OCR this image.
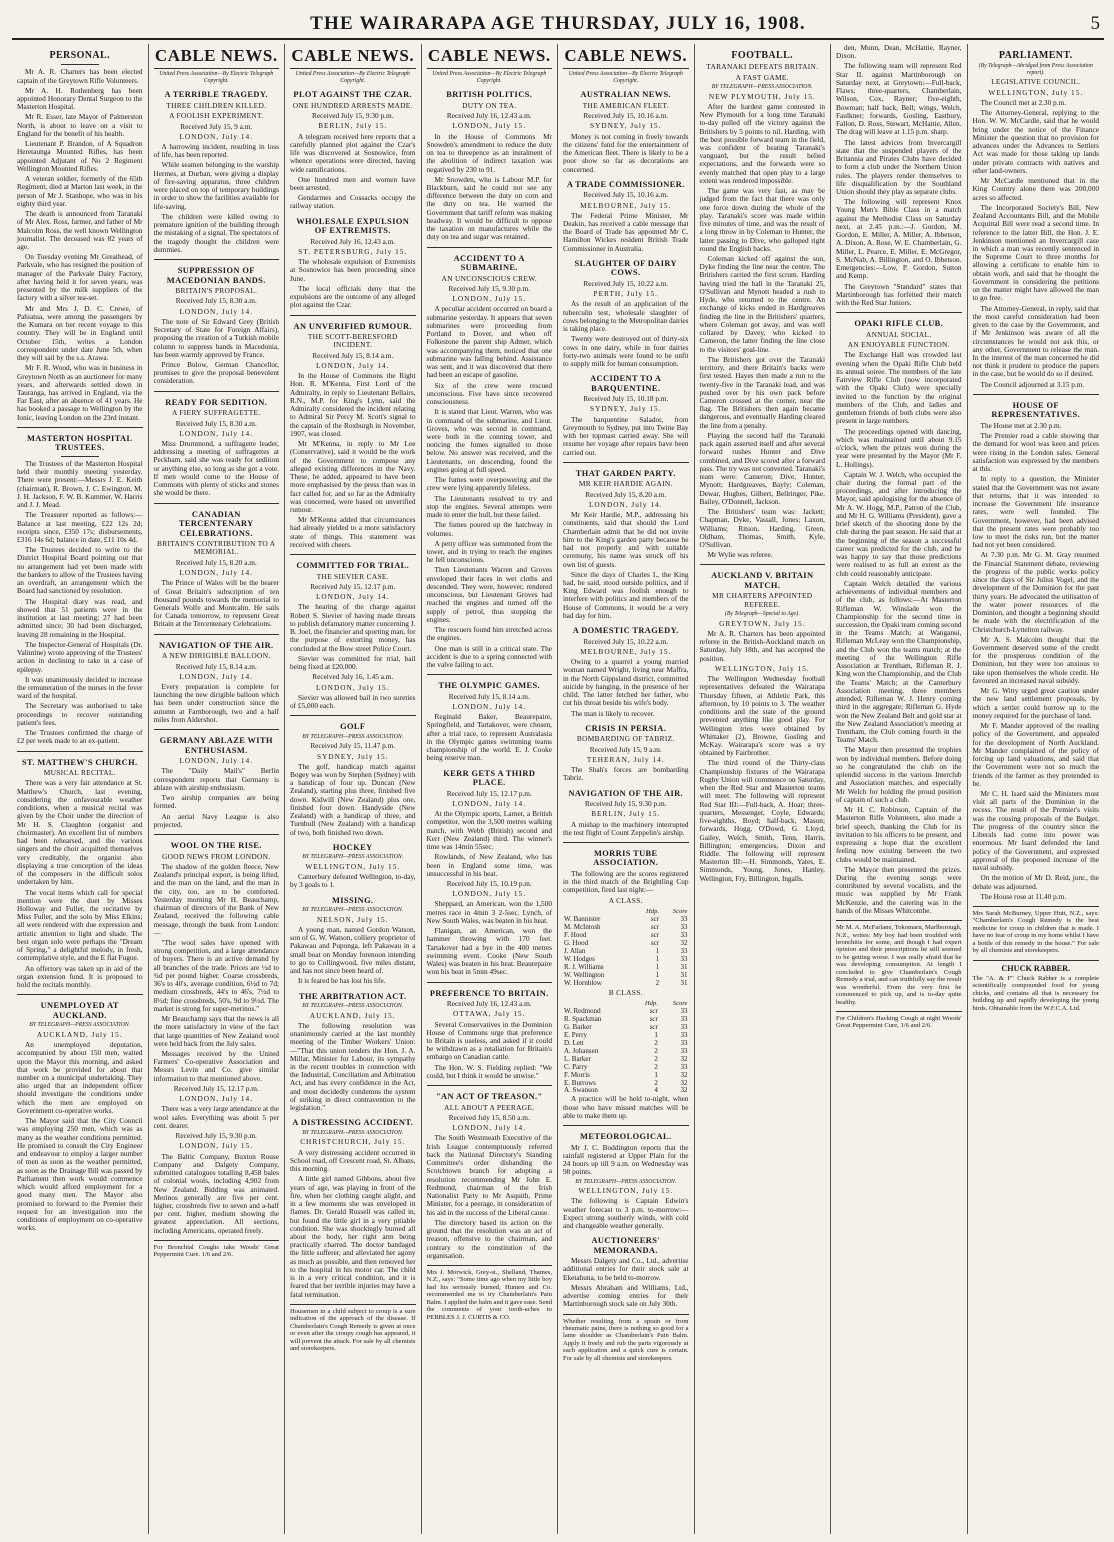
THE WAIRARAPA AGE THURSDAY, JULY 16, 1908.	5
PERSONAL.

Mr A. R. Charters has been elected captain of the Greytown Rifle Volunteers.

Mr A. H. Rothenberg has been appointed Honorary Dental Surgeon to the Masterton Hospital.

Mr R. Esser, late Mayor of Palmerston North, is about to leave on a visit to England for the benefit of his health.

Lieutenant P. Brandon, of A Squadron Heretaunga Mounted Rifles, has been appointed Adjutant of No 2 Regiment Wellington Mounted Rifles.

A veteran soldier, formerly of the 65th Regiment, died at Marton last week, in the person of Mr J. Stanhope, who was in his eighty third year.

The death is announced from Taranaki of Mr Alex. Ross, farmer, and father of Mr Malcolm Ross, the well known Wellington journalist. The deceased was 82 years of age.

On Tuesday evening Mr Greathead, of Parkvale, who has resigned the position of manager of the Parkvale Dairy Factory, after having held it for seven years, was presented by the milk suppliers of the factory with a silver tea-set.

Mr and Mrs J. D. C. Crewe, of Pahiatua, were among the passengers by the Kumara on her recent voyage to this country. They will be in England until October 15th, writes a London correspondent under date June 5th, when they will sail by the s.s. Arawa.

Mr F. R. Wood, who was in business in Greytown North as an auctioneer for many years, and afterwards settled down in Tauranga, has arrived in England, via the Far East, after an absence of 41 years. He has booked a passage to Wellington by the Ionic, leaving London on the 23rd instant.

MASTERTON HOSPITAL TRUSTEES.

The Trustees of the Masterton Hospital held their monthly meeting yesterday. There were present:—Messrs J. E. Keith (chairman), R. Brown, J. C. Ewington, M. J. H. Jackson, F. W. B. Kummer, W. Harris and J. J. Mead.

The Treasurer reported as follows:—Balance at last meeting, £22 12s 2d; receipts since, £350 17s; disbursements, £316 14s 6d; balance in date, £11 10s 4d.

The Trustees decided to write to the District Hospital Board pointing out that no arrangement had yet been made with the bankers to allow of the Trustees having an overdraft, an arrangement which the Board had sanctioned by resolution.

The Hospital diary was read, and showed that 51 patients were in the institution at last meeting; 27 had been admitted since; 30 had been discharged, leaving 28 remaining in the Hospital.

The Inspector-General of Hospitals (Dr. Valintine) wrote approving of the Trustees' action in declining to take in a case of epilepsy.

It was unanimously decided to increase the remuneration of the nurses in the fever ward of the hospital.

The Secretary was authorised to take proceedings to recover outstanding patient's fees.

The Trustees confirmed the charge of £2 per week made to an ex-patient.

ST. MATTHEW'S CHURCH.
MUSICAL RECITAL.

There was a very fair attendance at St. Matthew's Church, last evening, considering the unfavourable weather conditions, when a musical recital was given by the Choir under the direction of Mr H. S. Claughton (organist and choirmaster). An excellent list of numbers had been rehearsed, and the various singers and the choir acquitted themselves very creditably, the organist also displaying a true conception of the ideas of the composers in the difficult solos undertaken by him.

The vocal items which call for special mention were the duet by Misses Holloway and Fuller, the recitative by Miss Fuller, and the solo by Miss Elkins; all were rendered with due expression and artistic attention to light and shade. The best organ solo were perhaps the "Dream of Spring," a delightful melody, in fresh, contemplative style, and the E flat Fugue.

An offertory was taken up in aid of the organ extension fund. It is proposed to hold the recitals monthly.

UNEMPLOYED AT AUCKLAND.
BY TELEGRAPH—PRESS ASSOCIATION.
AUCKLAND, July 15.

An unemployed deputation, accompanied by about 150 men, waited upon the Mayor this morning, and asked that work be provided for about that number on a municipal undertaking. They also urged that an independent officer should investigate the conditions under which the men are employed on Government co-operative works.

The Mayor said that the City Council was employing 250 men, which was as many as the weather conditions permitted. He promised to consult the City Engineer and endeavour to employ a larger number of men as soon as the weather permitted, as soon as the Drainage Bill was passed by Parliament then work would commence which would afford employment for a good many men. The Mayor also promised to forward to the Premier their request for an investigation into the conditions of employment on co-operative works.

CABLE NEWS.
United Press Association—By Electric Telegraph Copyright.
A TERRIBLE TRAGEDY.
THREE CHILDREN KILLED.
A FOOLISH EXPERIMENT.
Received July 15, 9 a.m.
LONDON, July 14.

A harrowing incident, resulting in loss of life, has been reported.

While seamen belonging to the warship Hermes, at Durban, were giving a display of fire-saving apparatus, three children were placed on top of temporary buildings in order to show the facilities available for life-saving.

The children were killed owing to premature ignition of the building through the mistaking of a signal. The spectators of the tragedy thought the children were dummies.

SUPPRESSION OF MACEDONIAN BANDS.
BRITAIN'S PROPOSAL.
Received July 15, 8.30 a.m.
LONDON, July 14.

The note of Sir Edward Grey (British Secretary of State for Foreign Affairs), proposing the creation of a Turkish mobile column to suppress bands in Macedonia, has been warmly approved by France.

Prince Bulow, German Chancellor, promises to give the proposal benevolent consideration.

READY FOR SEDITION.
A FIERY SUFFRAGETTE.
Received July 15, 8.30 a.m.
LONDON, July 14.

Miss Drummond, a suffragette leader, addressing a meeting of suffragettes at Peckham, said she was ready for sedition or anything else, so long as she got a vote. If men would come to the House of Commons with plenty of sticks and stones she would be there.

CANADIAN TERCENTENARY CELEBRATIONS.
BRITAIN'S CONTRIBUTION TO A MEMORIAL.
Received July 15, 8.20 a.m.
LONDON, July 14.

The Prince of Wales will be the bearer of Great Britain's subscription of ten thousand pounds towards the memorial to Generals Wolfe and Montcalm. He sails for Canada tomorrow, to represent Great Britain at the Tercentenary Celebrations.

NAVIGATION OF THE AIR.
A NEW DIRIGIBLE BALLOON.
Received July 15, 8.14 a.m.
LONDON, July 14.

Every preparation is complete for launching the new dirigible balloon which has been under construction since the autumn at Farnborough, two and a half miles from Aldershot.

GERMANY ABLAZE WITH ENTHUSIASM.
LONDON, July 14.

The "Daily Mail's" Berlin correspondent reports that Germany is ablaze with airship enthusiasm.

Two airship companies are being formed.

An aerial Navy League is also projected.

WOOL ON THE RISE.
GOOD NEWS FROM LONDON.

The shadow of the golden fleece, New Zealand's principal export, is being lifted, and the man on the land, and the man in the city, too, are to be comforted. Yesterday morning Mr H. Beauchamp, chairman of directors of the Bank of New Zealand, received the following cable message, through the bank from London:—

"The wool sales have opened with strong competition, and a large attendance of buyers. There is an active demand by all branches of the trade. Prices are ½d to ¾d per pound higher. Coarse crossbreds, 36's to 40's, average condition, 6½d to 7d; medium crossbreds, 44's to 46's, 7½d to 8½d; fine crossbreds, 50's, 9d to 9½d. The market is strong for super-merinos."

Mr Beauchamp says that the news is all the more satisfactory in view of the fact that large quantities of New Zealand wool were held back from the July sales.

Messages received by the United Farmers' Co-operative Association and Messrs Levin and Co. give similar information to that mentioned above.

Received July 15, 12.17 p.m.
LONDON, July 14.

There was a very large attendance at the wool sales. Everything was about 5 per cent. dearer.

Received July 15, 9.30 p.m.
LONDON, July 15.

The Baltic Company, Buxton Rouse Company and Dalgety Company, submitted catalogues totalling 8,458 bales of colonial wools, including 4,902 from New Zealand. Bidding was animated. Merinos generally are five per cent. higher, crossbreds five to seven and a-half per cent. higher, medium showing the greatest appreciation. All sections, including Americans, operated freely.

For Bronchial Coughs take Woods' Great Peppermint Cure. 1/6 and 2/6.
CABLE NEWS.
United Press Association—By Electric Telegraph Copyright.
PLOT AGAINST THE CZAR.
ONE HUNDRED ARRESTS MADE.
Received July 15, 9.30 p.m.
BERLIN, July 15.

A telegram received here reports that a carefully planned plot against the Czar's life was discovered at Sosnowice, from whence operations were directed, having wide ramifications.

One hundred men and women have been arrested.

Gendarmes and Cossacks occupy the railway station.

WHOLESALE EXPULSION OF EXTREMISTS.
Received July 16, 12.43 a.m.
ST. PETERSBURG, July 15.

The wholesale expulsion of Extremists at Sosnowice has been proceeding since June.

The local officials deny that the expulsions are the outcome of any alleged plot against the Czar.

AN UNVERIFIED RUMOUR.
THE SCOTT-BERESFORD INCIDENT.
Received July 15, 8.14 a.m.
LONDON, July 14.

In the House of Commons the Right Hon. R. M'Kenna, First Lord of the Admiralty, in reply to Lieutenant Bellairs, R.N., M.P. for King's Lynn, said the Admiralty considered the incident relating to Admiral Sir Percy M. Scott's signal to the captain of the Roxburgh in November, 1907, was closed.

Mr M'Kenna, in reply to Mr Lee (Conservative), said it would be the work of the Government to compose any alleged existing differences in the Navy. These, he added, appeared to have been more emphasised by the press than was in fact called for, and so far as the Admiralty was concerned, were based on unverified rumour.

Mr M'Kenna added that circumstances had already yielded to a more satisfactory state of things. This statement was received with cheers.

COMMITTED FOR TRIAL.
THE SIEVIER CASE.
Received July 15, 12.17 p.m.
LONDON, July 14.

The hearing of the charge against Robert S. Sievier of having made threats to publish defamatory matter concerning J. B. Joel, the financier and sporting man, for the purpose of extorting money, has concluded at the Bow street Police Court.

Sievier was committed for trial, bail being fixed at £20,000.

Received July 16, 1.45 a.m.
LONDON, July 15.

Sievier was allowed bail in two sureties of £5,000 each.

GOLF
BY TELEGRAPH—PRESS ASSOCIATION.
Received July 15, 11.47 p.m.
SYDNEY, July 15.

The golf, handicap match against Bogey was won by Stephen (Sydney) with a handicap of four up. Duncan (New Zealand), starting plus three, finished five down. Kidwill (New Zealand) plus one, finished four down. Handyside (New Zealand) with a handicap of three, and Turnbull (New Zealand) with a handicap of two, both finished two down.

HOCKEY
BY TELEGRAPH—PRESS ASSOCIATION.
WELLINGTON, July 15.

Canterbury defeated Wellington, to-day, by 3 goals to 1.

MISSING.
BY TELEGRAPH—PRESS ASSOCIATION.
NELSON, July 15.

A young man, named Gordon Watson, son of G. W. Watson, colliery proprietor of Pakawau and Puponga, left Pakawau in a small boat on Monday forenoon intending to go to Collingwood, five miles distant, and has not since been heard of.

It is feared he has lost his life.

THE ARBITRATION ACT.
BY TELEGRAPH—PRESS ASSOCIATION.
AUCKLAND, July 15.

The following resolution was unanimously carried at the last monthly meeting of the Timber Workers' Union:—"That this union tenders the Hon. J. A. Millar, Minister for Labour, its sympathy in the recent troubles in connection with the Industrial, Conciliation and Arbitration Act, and has every confidence in the Act, and most decidedly condemns the system of striking in direct contravention to the legislation."

A DISTRESSING ACCIDENT.
BY TELEGRAPH—PRESS ASSOCIATION.
CHRISTCHURCH, July 15.

A very distressing accident occurred in School road, off Crescent road, St. Albans, this morning.

A little girl named Gibbons, about five years of age, was playing in front of the fire, when her clothing caught alight, and in a few moments she was enveloped in flames. Dr. Gerald Russell was called in, but found the little girl in a very pitiable condition. She was shockingly burned all about the body, her right arm being practically charred. The doctor bandaged the little sufferer, and alleviated her agony as much as possible, and then removed her to the hospital in his motor car. The child is in a very critical condition, and it is feared that her terrible injuries may have a fatal termination.

Housemen in a child subject to croup is a sure indication of the approach of the disease. If Chamberlain's Cough Remedy is given at once or even after the croupy cough has appeared, it will prevent the attack. For sale by all chemists and storekeepers.
CABLE NEWS.
United Press Association—By Electric Telegraph Copyright.
BRITISH POLITICS.
DUTY ON TEA.
Received July 16, 12.43 a.m.
LONDON, July 15.

In the House of Commons Mr Snowden's amendment to reduce the duty on tea to threepence as an instalment of the abolition of indirect taxation was negatived by 230 to 91.

Mr Snowden, who is Labour M.P. for Blackburn, said he could not see any difference between the duty on corn and the duty on tea. He warned the Government that tariff reform was making headway. It would be difficult to oppose the taxation on manufactures while the duty on tea and sugar was retained.

ACCIDENT TO A SUBMARINE.
AN UNCONSCIOUS CREW.
Received July 15, 9.30 p.m.
LONDON, July 15.

A peculiar accident occurred on board a submarine yesterday. It appears that seven submarines were proceeding from Portland to Dover, and when off Folkestone the parent ship Admer, which was accompanying them, noticed that one submarine was falling behind. Assistance was sent, and it was discovered that there had been an escape of gasoline.

Six of the crew were rescued unconscious. Five have since recovered consciousness.

It is stated that Lieut. Warren, who was in command of the submarine, and Lieut. Groves, who was second in command, were both in the conning tower, and noticing the fumes signalled to those below. No answer was received, and the Lieutenants, on descending, found the engines going at full speed.

The fumes were overpowering and the crew were lying apparently lifeless.

The Lieutenants resolved to try and stop the engines. Several attempts were made to enter the hull, but these failed.

The fumes poured up the hatchway in volumes.

A petty officer was summoned from the tower, and in trying to reach the engines he fell unconscious.

Then Lieutenants Warren and Groves enveloped their faces in wet cloths and descended. They were, however, rendered unconscious, but Lieutenant Groves had reached the engines and turned off the supply of petrol, thus stopping the engines.

The rescuers found him stretched across the engines.

One man is still in a critical state. The accident is due to a spring connected with the valve failing to act.

THE OLYMPIC GAMES.
Received July 15, 8.14 a.m.
LONDON, July 14.

Reginald Baker, Beaurepaire, Springfield, and Tartakover, were chosen, after a trial race, to represent Australasia in the Olympic games swimming teams championship of the world. E. J. Cooke being reserve man.

KERR GETS A THIRD PLACE.
Received July 15, 12.17 p.m.
LONDON, July 14.

At the Olympic sports, Larner, a British competitor, won the 3,500 metres walking match, with Webb (British) second and Kerr (New Zealand) third. The winner's time was 14min 55sec.

Rowlands, of New Zealand, who has been in England some time, was unsuccessful in his heat.

Received July 15, 10.19 p.m.
LONDON, July 15.

Sheppard, an American, won the 1,500 metres race in 4min 3 2-5sec. Lynch, of New South Wales, was beaten in his heat.

Flanigan, an American, won the hammer throwing with 170 feet. Tartakover had a bye in the 400 metres swimming event. Cooke (New South Wales) was beaten in his heat. Beaurepaire won his heat in 5min 49sec.

PREFERENCE TO BRITAIN.
Received July 16, 12.43 a.m.
OTTAWA, July 15.

Several Conservatives in the Dominion House of Commons urge that preference to Britain is useless, and asked if it could be withdrawn as a retaliation for Britain's embargo on Canadian cattle.

The Hon. W. S. Fielding replied: "We could, but I think it would be unwise."

"AN ACT OF TREASON."
ALL ABOUT A PEERAGE.
Received July 15, 8.50 a.m.
LONDON, July 14.

The South Westmeath Executive of the Irish League contemptuously referred back the National Directory's Standing Committee's order disbanding the Scotchtown branch for adopting a resolution recommending Mr John E. Redmond, chairman of the Irish Nationalist Party to Mr Asquith, Prime Minister, for a peerage, in consideration of his aid in the success of the Liberal cause.

The directory based its action on the ground that the resolution was an act of treason, offensive to the chairman, and contrary to the constitution of the organisation.

Mrs J. Morwick, Grey-st., Shelland, Thames, N.Z., says: "Some time ago when my little boy had his seriously burned, Humen and Co. recommended me to try Chamberlain's Pain Balm. I applied the balm and it gave ease. Send the comments of your tooth-aches to PEBBLES J. J. CURTIS & CO.
CABLE NEWS.
United Press Association—By Electric Telegraph Copyright.
AUSTRALIAN NEWS.
THE AMERICAN FLEET.
Received July 15, 10.16 a.m.
SYDNEY, July 15.

Money is not coming in freely towards the citizens' fund for the entertainment of the American fleet. There is likely to be a poor show so far as decorations are concerned.

A TRADE COMMISSIONER.
Received July 15, 10.16 a.m.
MELBOURNE, July 15.

The Federal Prime Minister, Mr Deakin, has received a cable message that the Board of Trade has appointed Mr C. Hamilton Wickes resident British Trade Commissioner in Australia.

SLAUGHTER OF DAIRY COWS.
Received July 15, 10.22 a.m.
PERTH, July 15.

As the result of an application of the tuberculin test, wholesale slaughter of cows belonging to the Metropolitan dairies is taking place.

Twenty were destroyed out of thirty-six cows in one dairy, while in four dairies forty-two animals were found to be unfit to supply milk for human consumption.

ACCIDENT TO A BARQUENTINE.
Received July 15, 10.18 p.m.
SYDNEY, July 15.

The barquentine Salador, from Greymouth to Sydney, put into Twine Bay with her topmast carried away. She will resume her voyage after repairs have been carried out.

THAT GARDEN PARTY.
MR KEIR HARDIE AGAIN.
Received July 15, 8.20 a.m.
LONDON, July 14.

Mr Keir Hardie, M.P., addressing his constituents, said that should the Lord Chamberlain admit that he did not invite him to the King's garden party because he had not properly and with suitable ceremony, his name was struck off his own list of guests.

Since the days of Charles I., the King had, he said, stood outside politics, and if King Edward was foolish enough to interfere with politics and members of the House of Commons, it would be a very bad day for him.

A DOMESTIC TRAGEDY.
Received July 15, 10.22 a.m.
MELBOURNE, July 15.

Owing to a quarrel a young married woman named Wright, living near Maffra, in the North Gippsland district, committed suicide by hanging, in the presence of her child. The latter fetched her father, who cut his throat beside his wife's body.

The man is likely to recover.

CRISIS IN PERSIA.
BOMBARDING OF TABRIZ.
Received July 15, 9 a.m.
TEHERAN, July 14.

The Shah's forces are bombarding Tabriz.

NAVIGATION OF THE AIR.
Received July 15, 9.30 p.m.
BERLIN, July 15.

A mishap to the machinery interrupted the test flight of Count Zeppelin's airship.

MORRIS TUBE ASSOCIATION.

The following are the scores registered in the third match of the Brightling Cup competition, fired last night:—

A CLASS.
	Hdp.	Score
W. Bannister	scr	33
M. McIntosh	scr	33
F. Hood	scr	33
G. Hood	scr	32
J. Allan	1	33
W. Hodges	1	33
R. J. Williams	1	31
W. Wellington	1	31
W. Hornblow	2	31
B CLASS.
	Hdp.	Score
W. Redmond	scr	33
R. Spackman	scr	33
G. Barker	scr	33
E. Perry	1	33
D. Lett	2	33
A. Johansen	2	33
L. Barker	2	32
C. Parry	2	33
F. Morris	1	32
E. Burrows	2	32
A. Swanson	4	32

A practice will be held to-night, when those who have missed matches will be able to make them up.

METEOROLOGICAL.

Mr J. C. Boddington reports that the rainfall registered at Upper Plain for the 24 hours up till 9 a.m. on Wednesday was 98 points.

BY TELEGRAPH—PRESS ASSOCIATION.
WELLINGTON, July 15.

The following is Captain Edwin's weather forecast to 3 p.m. to-morrow:—Expect strong southerly winds, with cold and changeable weather generally.

AUCTIONEERS' MEMORANDA.

Messrs Dalgety and Co., Ltd., advertise additional entries for their stock sale at Eketahuna, to be held to-morrow.

Messrs Abraham and Williams, Ltd., advertise coming entries for their Martinborough stock sale on July 30th.

Whether resulting from a sprain or from rheumatic pains, there is nothing so good for a lame shoulder as Chamberlain's Pain Balm. Apply it freely and rub the parts vigorously at each application and a quick cure is certain. For sale by all chemists and storekeepers.
FOOTBALL.
TARANAKI DEFEATS BRITAIN.
A FAST GAME.
BY TELEGRAPH—PRESS ASSOCIATION.
NEW PLYMOUTH, July 15.

After the hardest game contested in New Plymouth for a long time Taranaki to-day pulled off the victory against the Britishers by 5 points to nil. Harding, with the best possible forward team in the field, was confident of beating Taranaki's vanguard, but the result belied expectations, and the forwards were so evenly matched that open play to a large extent was rendered impossible.

The game was very fast, as may be judged from the fact that there was only one force down during the whole of the play. Taranaki's score was made within five minutes of time, and was the result of a long throw in by Coleman to Hunter, the latter passing to Dive, who galloped right round the English backs.

Coleman kicked off against the sun, Dyke finding the line near the centre. The Britishers carried the first scrum. Harding having tried the ball in the Taranaki 25, O'Sullivan and Mynott headed a rush to Hyde, who returned to the centre. An exchange of kicks ended in Hardgreaves finding the line in the Britishers' quarters, where Coleman got away, and was well collared by Davey, who kicked to Cameron, the latter finding the line close to the visitors' goal-line.

The Britishers got over the Taranaki territory, and there Britain's backs were first tested. Hayes then made a run to the twenty-five in the Taranaki lead, and was pushed over by his own pack before Cameron crossed at the corner, near the flag. The Britishers then again became dangerous, and eventually Harding cleared the line from a penalty.

Playing the second half the Taranaki pack again asserted itself and after several forward rushes Hunter and Dive combined, and Dive scored after a forward pass. The try was not converted. Taranaki's team were: Cameron; Dive, Hunter, Mynott; Hardgreaves, Bayly; Coleman, Dewar, Hughes, Gilbert, Bellringer, Pike, Bailey, O'Donnell, Jackson.

The Britishers' team was: Jackett; Chapman, Dyke, Vassall, Jones; Laxon, Williams; Ritson, Harding, Green, Oldham, Thomas, Smith, Kyle, O'Sullivan.

Mr Wylie was referee.

AUCKLAND V. BRITAIN MATCH.
MR CHARTERS APPOINTED REFEREE.
(By Telegraph—Special to Age).
GREYTOWN, July 15.

Mr A. R. Charters has been appointed referee in the British-Auckland match on Saturday, July 18th, and has accepted the position.

WELLINGTON, July 15.

The Wellington Wednesday football representatives defeated the Wairarapa Thursday fifteen, at Athletic Park, this afternoon, by 10 points to 3. The weather conditions and the state of the ground prevented anything like good play. For Wellington tries were obtained by Whittaker (2), Browne, Gosling and McKay. Wairarapa's score was a try obtained by Fairbrother.

The third round of the Thirty-class Championship fixtures of the Wairarapa Rugby Union will commence on Saturday, when the Red Star and Masterton teams will meet. The following will represent Red Star III:—Full-back, A. Hoar; three-quarters, Messenger, Coyle, Edwards; five-eighths, Boyd; half-back, Mason; forwards, Hogg, O'Dowd, G. Lloyd, Gailey, Welch, Smith, Tenn, Harris, Billington; emergencies, Dixon and Riddle. The following will represent Masterton III:—H. Simmonds, Yates, E. Simmonds, Young, Jones, Hanley, Wellington, Fry, Billington, Ingalls.

den, Munn, Dean, McHattie, Rayner, Dixon.

The following team will represent Red Star II. against Martinborough on Saturday next, at Greytown:—Full-back, Flaws; three-quarters, Chamberlain, Wilson, Cox, Rayner; five-eighth, Bowman; half back, Bell; wings, Welch, Faulkner; forwards, Gosling, Eastbury, Fallon, D. Ross, Stewart, McHattie, Allen. The drag will leave at 1.15 p.m. sharp.

The latest advices from Invercargill state that the suspended players of the Britannia and Pirates Clubs have decided to form a club under the Northern Union rules. The players render themselves to life disqualification by the Southland Union should they play as separate clubs.

The following will represent Knox Young Men's Bible Class in a match against the Methodist Class on Saturday next, at 2.45 p.m.:—J. Gordon, M. Gordon, E. Miller, A. Miller, A. Ibbetson, A. Dixon, A. Rose, W. E. Chamberlain, G. Miller, L. Pearce, E. Miller, E. McGregor, S. McNab, A. Billington, and O. Ibbetson. Emergencies:—Low, P. Gordon, Sutton and Kemp.

The Greytown "Standard" states that Martinborough has forfeited their match with the Red Star Juniors.

OPAKI RIFLE CLUB.
ANNUAL SOCIAL.
AN ENJOYABLE FUNCTION.

The Exchange Hall was crowded last evening when the Opaki Rifle Club held its annual soiree. The members of the late Fairview Rifle Club (now incorporated with the Opaki Club) were specially invited to the function by the original members of the Club, and ladies and gentlemen friends of both clubs were also present in large numbers.

The proceedings opened with dancing, which was maintained until about 9.15 o'clock, when the prizes won during the year were presented by the Mayor (Mr F. L. Hollings).

Captain W. J. Welch, who occupied the chair during the formal part of the proceedings, and after introducing the Mayor, said apologising for the absence of Mr A. W. Hogg, M.P., Patron of the Club, and Mr H. G. Williams (President), gave a brief sketch of the shooting done by the club during the past season. He said that at the beginning of the season a successful career was predicted for the club, and he was happy to say that those predictions were realised to as full an extent as the club could reasonably anticipate.

Captain Welch detailed the various achievements of individual members and of the club, as follows:—At Masterton Rifleman W. Winslade won the Championship for the second time in succession, the Opaki team coming second in the Teams Match; at Wanganui, Rifleman McLeay won the Championship, and the Club won the teams match; at the meeting of the Wellington Rifle Association at Trentham, Rifleman R. J. King won the Championship, and the Club the Teams' Match; at the Canterbury Association meeting, three members attended, Rifleman W. J. Henry coming third in the aggregate; Rifleman G. Hyde won the New Zealand Belt and gold star at the New Zealand Association's meeting at Trentham, the Club coming fourth in the Teams' Match.

The Mayor then presented the trophies won by individual members. Before doing so he congratulated the club on the splendid success in the various Interclub and Association matches, and especially Mr Welch for holding the proud position of captain of such a club.

Mr H. C. Robinson, Captain of the Masterton Rifle Volunteers, also made a brief speech, thanking the Club for its invitation to his officers to be present, and expressing a hope that the excellent feeling now existing between the two clubs would be maintained.

The Mayor then presented the prizes. During the evening songs were contributed by several vocalists, and the music was supplied by Mr Frank McKenzie, and the catering was in the hands of the Misses Whitcombe.

Mr M. A. McFarlane, Tokomaru, Marlborough, N.Z., writes: My boy had been troubled with bronchitis for some, and though I had expert opinion and their prescriptions he still seemed to be getting worse. I was really afraid that he was developing consumption. At length I concluded to give Chamberlain's Cough Remedy a trial, and can truthfully say the result was wonderful. From the very first he commenced to pick up, and is to-day quite healthy.
For Children's Hacking Cough at night Woods' Great Peppermint Cure, 1/6 and 2/6.
PARLIAMENT.
(By Telegraph—Abridged from Press Association report).
LEGISLATIVE COUNCIL.
WELLINGTON, July 15.

The Council met at 2.30 p.m.

The Attorney-General, replying to the Hon. W. W. McCardle, said that he would bring under the notice of the Finance Minister the question that no provision for advances under the Advances to Settlers Act was made for those taking up lands under private contracts with natives and other land-owners.

Mr McCardle mentioned that in the King Country alone there was 200,000 acres so affected.

The Incorporated Society's Bill, New Zealand Accountants Bill, and the Mobile Acquittal Bill were read a second time. In reference to the latter Bill, the Hon. J. E. Jenkinson mentioned an Invercargill case in which a man was recently sentenced in the Supreme Court to three months for allowing a certificate to enable him to obtain work, and said that he thought the Government in considering the petitions on the matter might have allowed the man to go free.

The Attorney-General, in reply, said that the most careful consideration had been given to the case by the Government, and if Mr Jenkinson was aware of all the circumstances he would not ask this, or any other, Government to release the man. In the interest of the man concerned he did not think it prudent to produce the papers in the case, but he would do so if desired.

The Council adjourned at 3.15 p.m.

HOUSE OF REPRESENTATIVES.

The House met at 2.30 p.m.

The Premier read a cable showing that the demand for wool was keen and prices were rising in the London sales. General satisfaction was expressed by the members at this.

In reply to a question, the Minister stated that the Government was not aware that returns, that it was intended to increase the Government life insurance rates, were well founded. The Government, however, had been advised that the present rates were probably too low to meet the risks run, but the matter had not yet been considered.

At 7.30 p.m. Mr G. M. Gray resumed the Financial Statement debate, reviewing the progress of the public works policy since the days of Sir Julius Vogel, and the development of the Dominion for the past thirty years. He advocated the utilisation of the water power resources of the Dominion, and thought a beginning should be made with the electrification of the Christchurch-Lyttelton railway.

Mr A. S. Malcolm thought that the Government deserved some of the credit for the prosperous condition of the Dominion, but they were too anxious to take upon themselves the whole credit. He favoured an increased naval subsidy.

Mr G. Witty urged great caution under the new land settlement proposals, by which a settler could borrow up to the money required for the purchase of land.

Mr F. Mander approved of the reading policy of the Government, and appealed for the development of North Auckland. Mr Mander complained of the policy of forcing up land valuations, and said that the Government were not so much the friends of the farmer as they pretended to be.

Mr C. H. Isard said the Ministers must visit all parts of the Dominion in the recess. The result of the Premier's visits was the rousing proposals of the Budget. The progress of the country since the Liberals had come into power was enormous. Mr Isard defended the land policy of the Government, and expressed approval of the proposed increase of the naval subsidy.

On the motion of Mr D. Reid, junr., the debate was adjourned.

The House rose at 11.40 p.m.

Mrs Sarah McBurney, Upper Hutt, N.Z., says: "Chamberlain's Cough Remedy is the best medicine for croup in children that is made. I have no fear of croup in my home whilst I have a bottle of this remedy in the house." For sale by all chemists and storekeepers.
CHUCK RABBER.
The "A. & F" Chuck Rabber is a complete scientifically compounded food for young chicks, and contains all that is necessary for building up and rapidly developing the young birds. Obtainable from the W.F.C.A. Ltd.
